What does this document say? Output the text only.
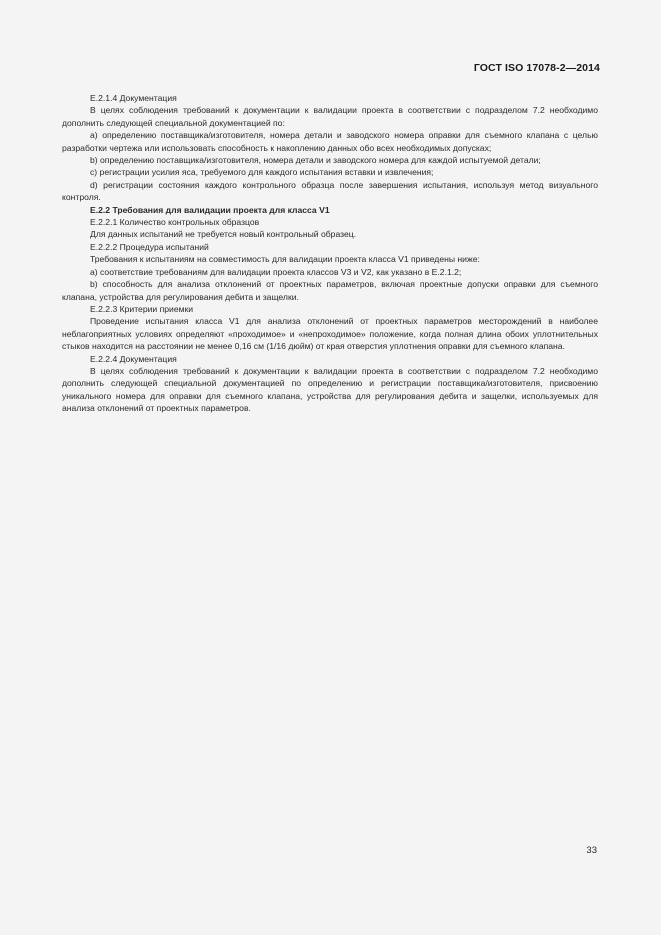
ГОСТ ISO 17078-2—2014

E.2.1.4 Документация

В целях соблюдения требований к документации к валидации проекта в соответствии с подразделом 7.2 необходимо дополнить следующей специальной документацией по:

a) определению поставщика/изготовителя, номера детали и заводского номера оправки для съемного клапана с целью разработки чертежа или использовать способность к накоплению данных обо всех необходимых допусках;

b) определению поставщика/изготовителя, номера детали и заводского номера для каждой испытуемой детали;

c) регистрации усилия яса, требуемого для каждого испытания вставки и извлечения;

d) регистрации состояния каждого контрольного образца после завершения испытания, используя метод визуального контроля.

E.2.2 Требования для валидации проекта для класса V1

E.2.2.1 Количество контрольных образцов

Для данных испытаний не требуется новый контрольный образец.

E.2.2.2 Процедура испытаний

Требования к испытаниям на совместимость для валидации проекта класса V1 приведены ниже:

a) соответствие требованиям для валидации проекта классов V3 и V2, как указано в E.2.1.2;

b) способность для анализа отклонений от проектных параметров, включая проектные допуски оправки для съемного клапана, устройства для регулирования дебита и защелки.

E.2.2.3 Критерии приемки

Проведение испытания класса V1 для анализа отклонений от проектных параметров месторождений в наиболее неблагоприятных условиях определяют «проходимое» и «непроходимое» положение, когда полная длина обоих уплотнительных стыков находится на расстоянии не менее 0,16 см (1/16 дюйм) от края отверстия уплотнения оправки для съемного клапана.

E.2.2.4 Документация

В целях соблюдения требований к документации к валидации проекта в соответствии с подразделом 7.2 необходимо дополнить следующей специальной документацией по определению и регистрации поставщика/изготовителя, присвоению уникального номера для оправки для съемного клапана, устройства для регулирования дебита и защелки, используемых для анализа отклонений от проектных параметров.

33
